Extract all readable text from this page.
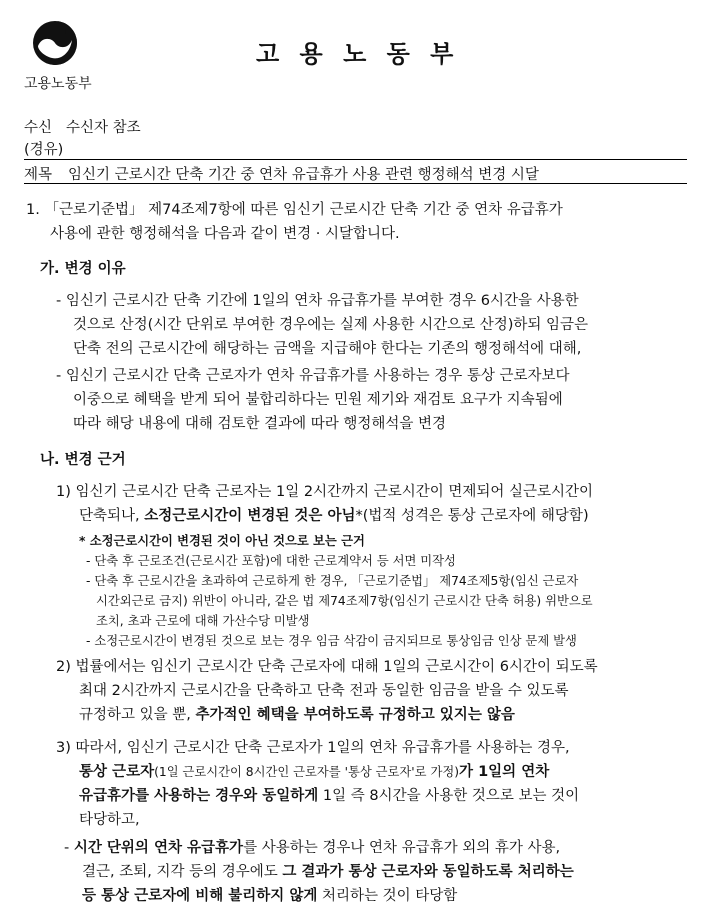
고용노동부
고 용 노 동 부
수신 수신자 참조
(경유)
제목 임신기 근로시간 단축 기간 중 연차 유급휴가 사용 관련 행정해석 변경 시달
1. 「근로기준법」 제74조제7항에 따른 임신기 근로시간 단축 기간 중 연차 유급휴가
사용에 관한 행정해석을 다음과 같이 변경 · 시달합니다.
가. 변경 이유
- 임신기 근로시간 단축 기간에 1일의 연차 유급휴가를 부여한 경우 6시간을 사용한
것으로 산정(시간 단위로 부여한 경우에는 실제 사용한 시간으로 산정)하되 임금은
단축 전의 근로시간에 해당하는 금액을 지급해야 한다는 기존의 행정해석에 대해,
- 임신기 근로시간 단축 근로자가 연차 유급휴가를 사용하는 경우 통상 근로자보다
이중으로 혜택을 받게 되어 불합리하다는 민원 제기와 재검토 요구가 지속됨에
따라 해당 내용에 대해 검토한 결과에 따라 행정해석을 변경
나. 변경 근거
1) 임신기 근로시간 단축 근로자는 1일 2시간까지 근로시간이 면제되어 실근로시간이
단축되나, 소정근로시간이 변경된 것은 아님*(법적 성격은 통상 근로자에 해당함)
* 소정근로시간이 변경된 것이 아닌 것으로 보는 근거
- 단축 후 근로조건(근로시간 포함)에 대한 근로계약서 등 서면 미작성
- 단축 후 근로시간을 초과하여 근로하게 한 경우, 「근로기준법」 제74조제5항(임신 근로자
시간외근로 금지) 위반이 아니라, 같은 법 제74조제7항(임신기 근로시간 단축 허용) 위반으로
조치, 초과 근로에 대해 가산수당 미발생
- 소정근로시간이 변경된 것으로 보는 경우 임금 삭감이 금지되므로 통상임금 인상 문제 발생
2) 법률에서는 임신기 근로시간 단축 근로자에 대해 1일의 근로시간이 6시간이 되도록
최대 2시간까지 근로시간을 단축하고 단축 전과 동일한 임금을 받을 수 있도록
규정하고 있을 뿐, 추가적인 혜택을 부여하도록 규정하고 있지는 않음
3) 따라서, 임신기 근로시간 단축 근로자가 1일의 연차 유급휴가를 사용하는 경우,
통상 근로자(1일 근로시간이 8시간인 근로자를 '통상 근로자'로 가정)가 1일의 연차
유급휴가를 사용하는 경우와 동일하게 1일 즉 8시간을 사용한 것으로 보는 것이
타당하고,
- 시간 단위의 연차 유급휴가를 사용하는 경우나 연차 유급휴가 외의 휴가 사용,
결근, 조퇴, 지각 등의 경우에도 그 결과가 통상 근로자와 동일하도록 처리하는
등 통상 근로자에 비해 불리하지 않게 처리하는 것이 타당함
